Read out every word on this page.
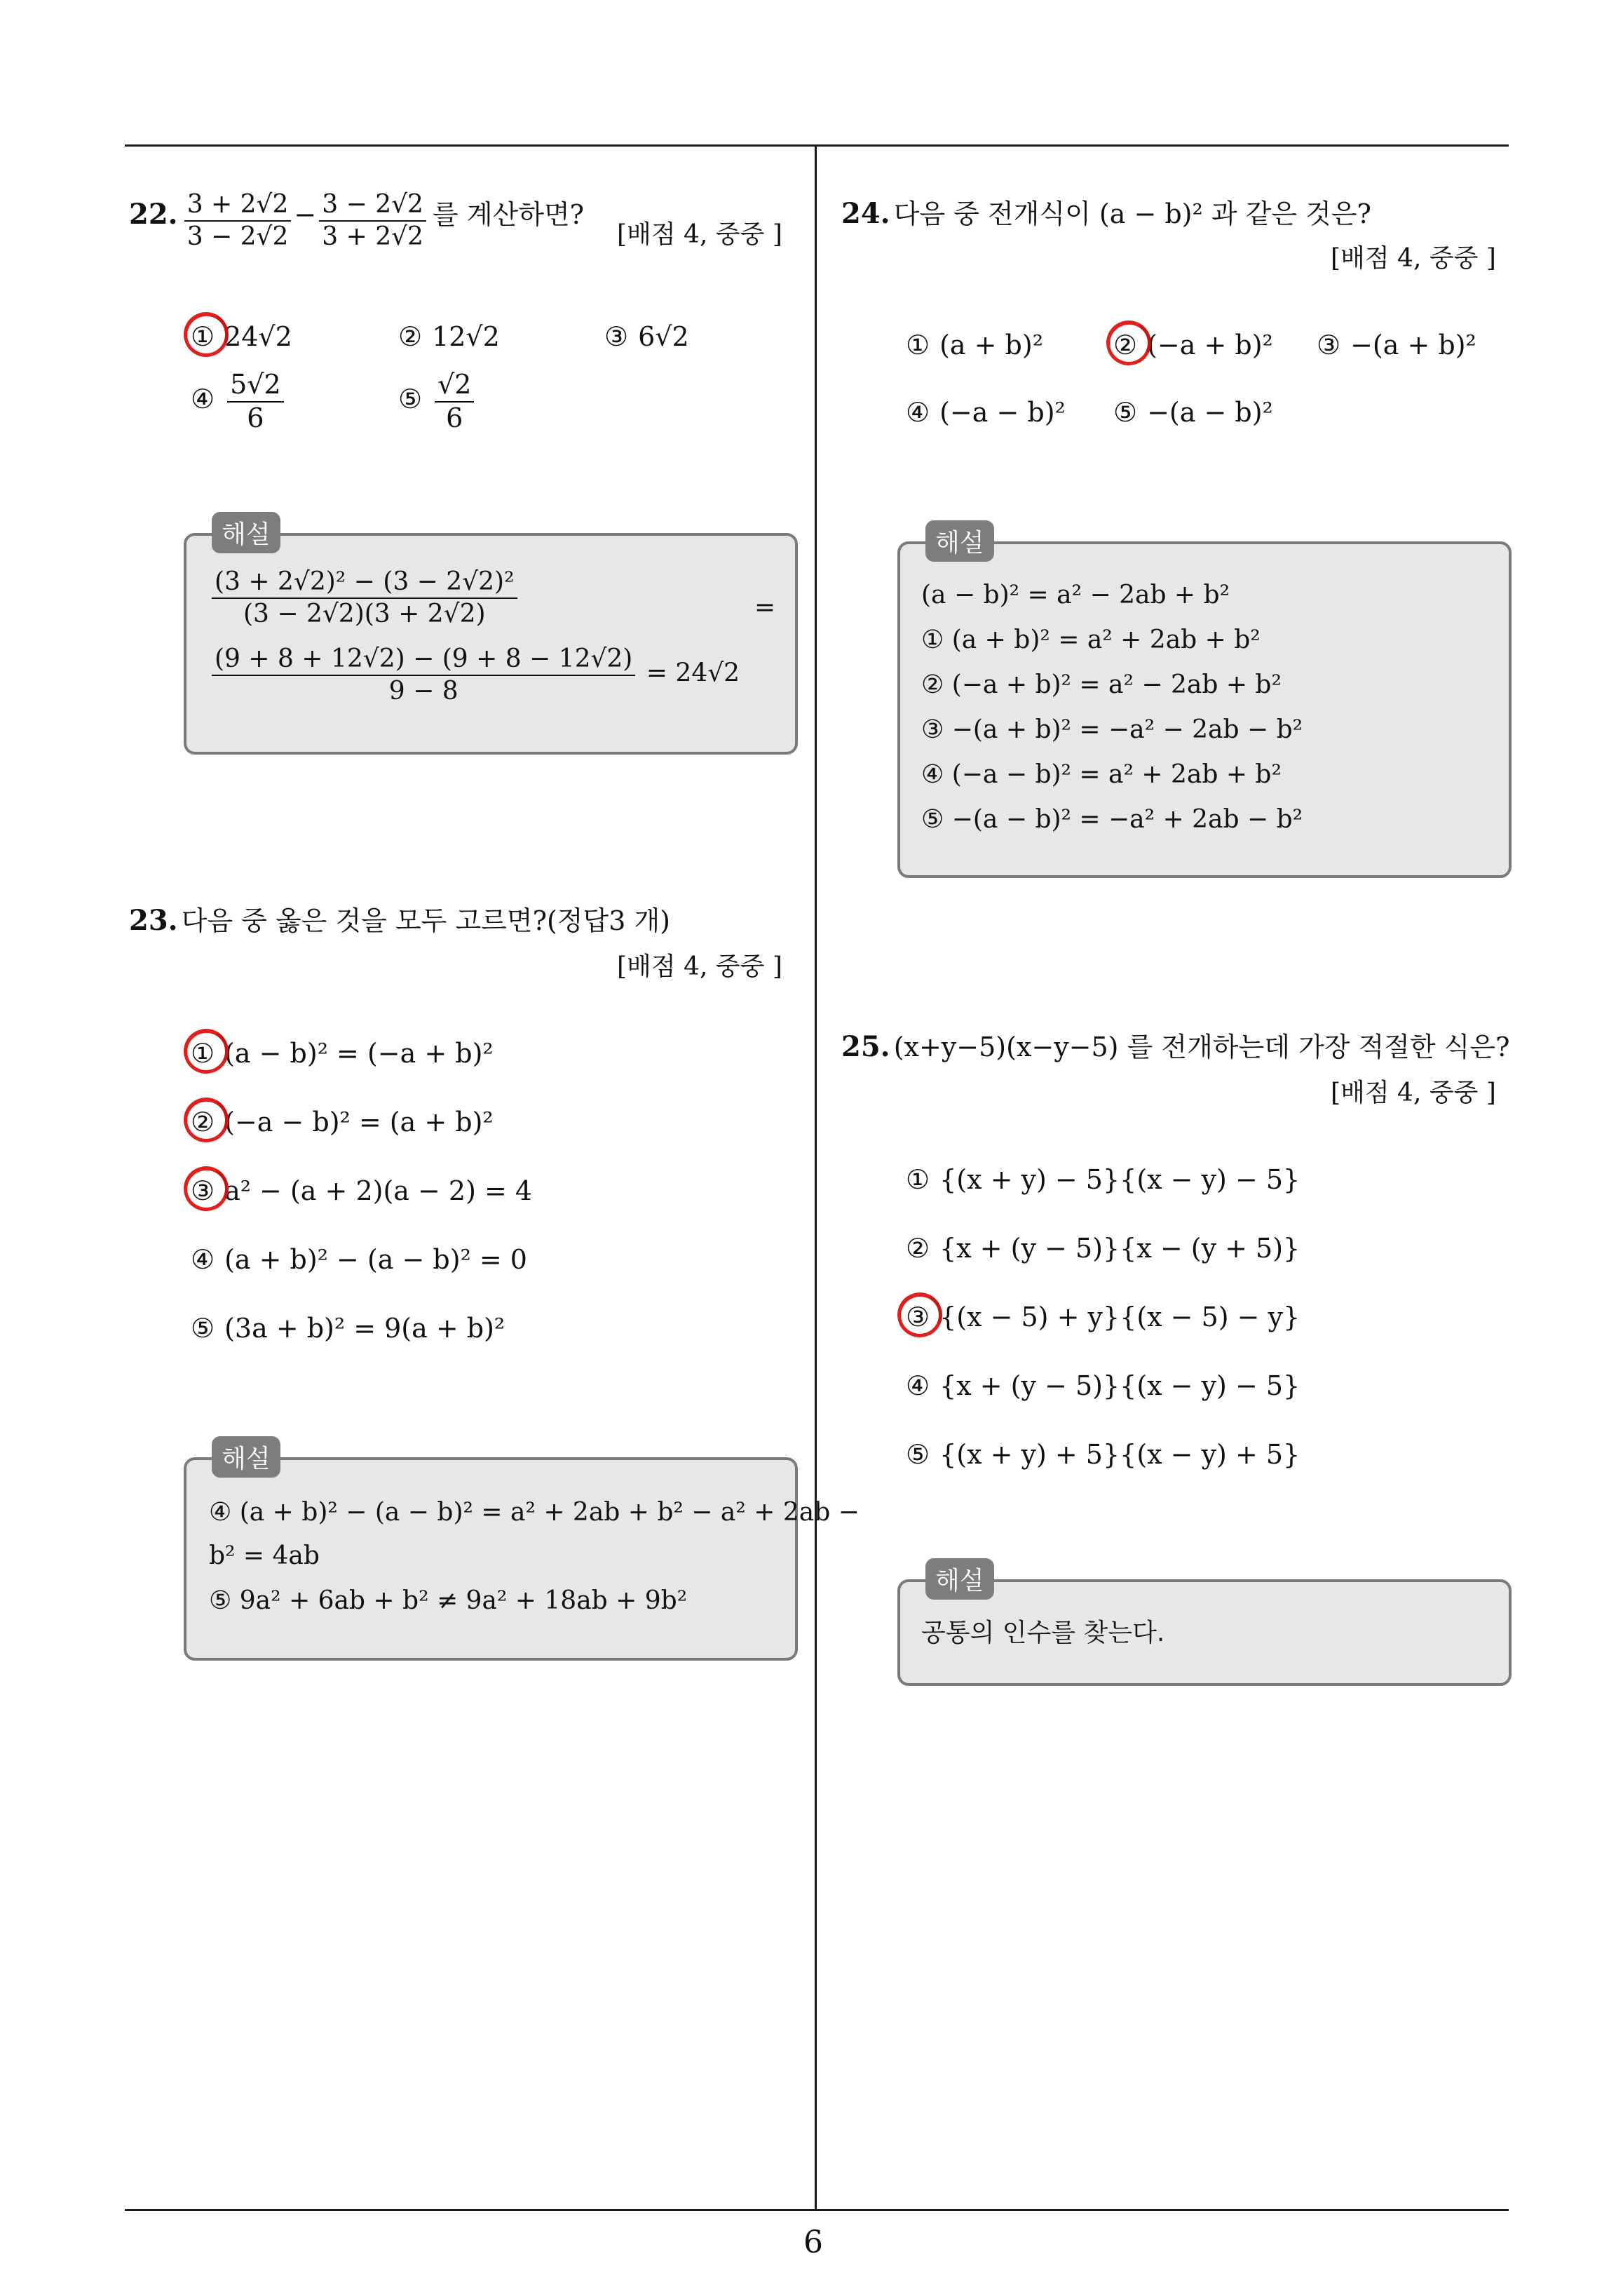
22. $\frac{3 + 2√2}{3 - 2√2} - \frac{3 - 2√2}{3 + 2√2}$ 를 계산하면?
[배점 4, 중중 ]
① 24√2	② 12√2	③ 6√2
④ $\frac{5√2}{6}$	⑤ $\frac{√2}{6}$
해설
$\frac{\text{(3 + 2√2)² − (3 − 2√2)²}}{(3 - 2√2)(3 + 2√2)}$	=
$\frac{(9 + 8 + 12√2) - (9 + 8 - 12√2)}{9 - 8} = 24√2$
23. 다음 중 옳은 것을 모두 고르면?(정답3 개)
[배점 4, 중중 ]
① (a − b)² = (−a + b)²
② (−a − b)² = (a + b)²
③ a² − (a + 2)(a − 2) = 4
④ (a + b)² − (a − b)² = 0
⑤ (3a + b)² = 9(a + b)²
해설
④ (a + b)² − (a − b)² = a² + 2ab + b² − a² + 2ab −
b² = 4ab
⑤ 9a² + 6ab + b² ≠ 9a² + 18ab + 9b²
24. 다음 중 전개식이 (a − b)² 과 같은 것은?
[배점 4, 중중 ]
① (a + b)²	② (−a + b)² ③ −(a + b)²
④ (−a − b)² ⑤ −(a − b)²
해설
(a − b)² = a² − 2ab + b²
① (a + b)² = a² + 2ab + b²
② (−a + b)² = a² − 2ab + b²
③ −(a + b)² = −a² − 2ab − b²
④ (−a − b)² = a² + 2ab + b²
⑤ −(a − b)² = −a² + 2ab − b²
25. (x+y−5)(x−y−5) 를 전개하는데 가장 적절한 식은?
[배점 4, 중중 ]
① {(x + y) − 5}{(x − y) − 5}
② {x + (y − 5)}{x − (y + 5)}
③ {(x − 5) + y}{(x − 5) − y}
④ {x + (y − 5)}{(x − y) − 5}
⑤ {(x + y) + 5}{(x − y) + 5}
해설
공통의 인수를 찾는다.
6
